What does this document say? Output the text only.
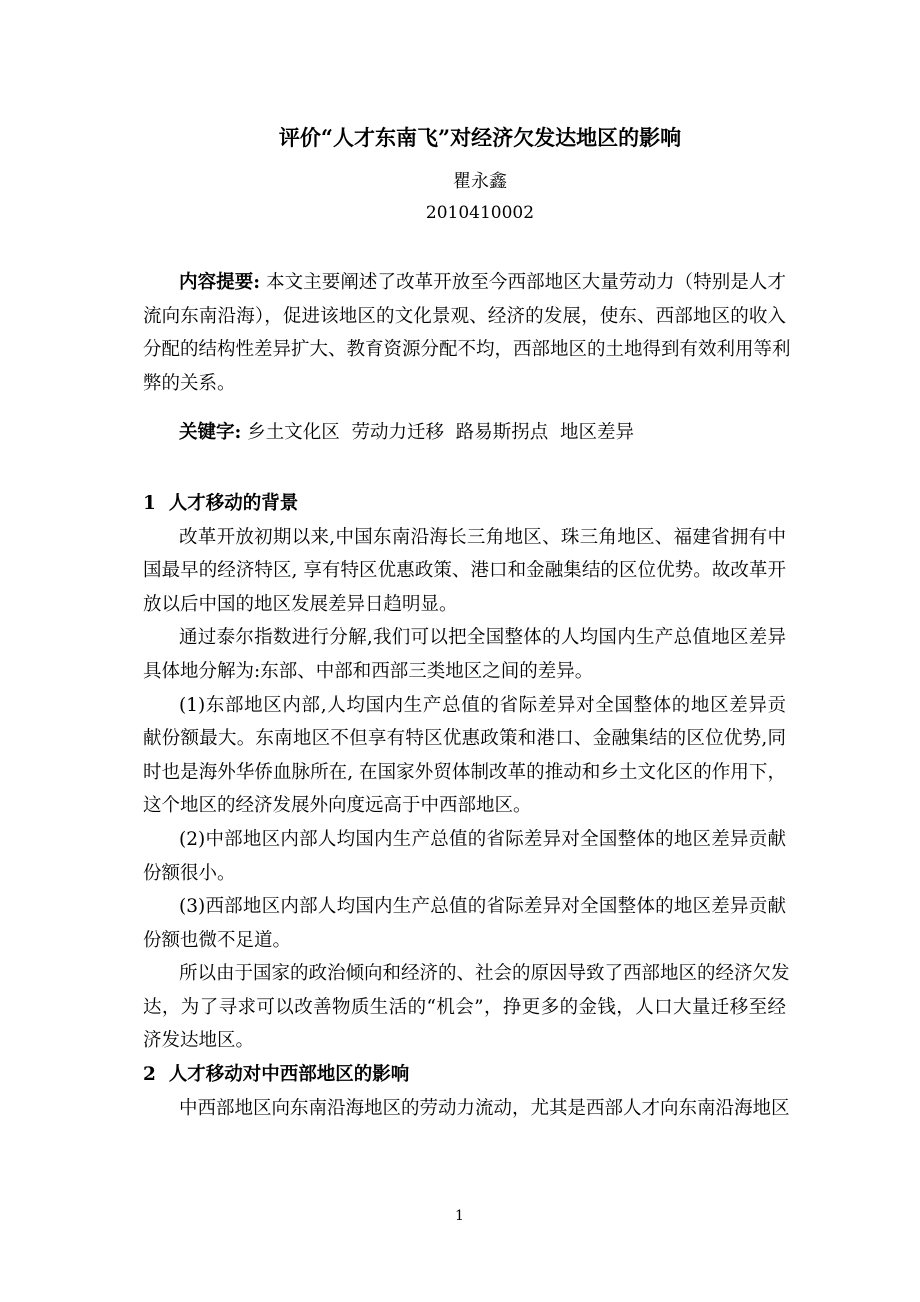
评价“人才东南飞”对经济欠发达地区的影响
瞿永鑫
2010410002
内容提要: 本文主要阐述了改革开放至今西部地区大量劳动力（特别是人才
流向东南沿海），促进该地区的文化景观、经济的发展，使东、西部地区的收入
分配的结构性差异扩大、教育资源分配不均，西部地区的土地得到有效利用等利
弊的关系。
关键字: 乡土文化区  劳动力迁移  路易斯拐点  地区差异
1  人才移动的背景
改革开放初期以来,中国东南沿海长三角地区、珠三角地区、福建省拥有中
国最早的经济特区, 享有特区优惠政策、港口和金融集结的区位优势。故改革开
放以后中国的地区发展差异日趋明显。
通过泰尔指数进行分解,我们可以把全国整体的人均国内生产总值地区差异
具体地分解为:东部、中部和西部三类地区之间的差异。
(1)东部地区内部,人均国内生产总值的省际差异对全国整体的地区差异贡
献份额最大。东南地区不但享有特区优惠政策和港口、金融集结的区位优势,同
时也是海外华侨血脉所在, 在国家外贸体制改革的推动和乡土文化区的作用下，
这个地区的经济发展外向度远高于中西部地区。
(2)中部地区内部人均国内生产总值的省际差异对全国整体的地区差异贡献
份额很小。
(3)西部地区内部人均国内生产总值的省际差异对全国整体的地区差异贡献
份额也微不足道。
所以由于国家的政治倾向和经济的、社会的原因导致了西部地区的经济欠发
达，为了寻求可以改善物质生活的“机会”，挣更多的金钱，人口大量迁移至经
济发达地区。
2  人才移动对中西部地区的影响
中西部地区向东南沿海地区的劳动力流动，尤其是西部人才向东南沿海地区
1
